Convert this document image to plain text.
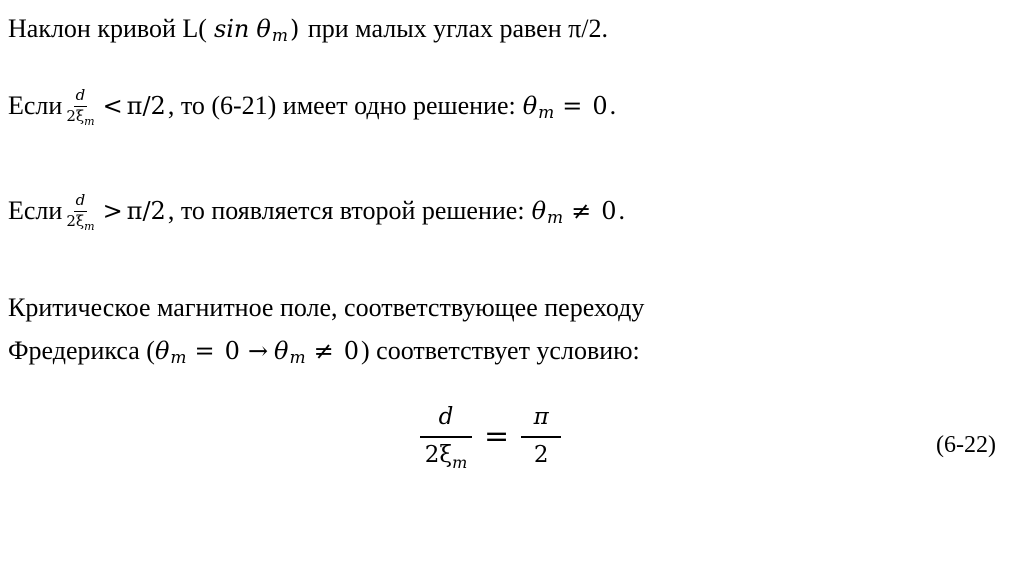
Наклон кривой L( sin θ m ) при малых углах равен π/2.
Если $\frac{d}{2\xi_m} < \pi/2$ , то (6-21) имеет одно решение: θ m = 0 .
Если $\frac{d}{2\xi_m} > \pi/2$ , то появляется второй решение: θ m ≠ 0 .
Критическое магнитное поле, соответствующее переходу
Фредерикса ( θ m = 0 → θ m ≠ 0 ) соответствует условию:
$\frac{d}{2\xi_m} = \frac{\pi}{2}$	(6-22)
